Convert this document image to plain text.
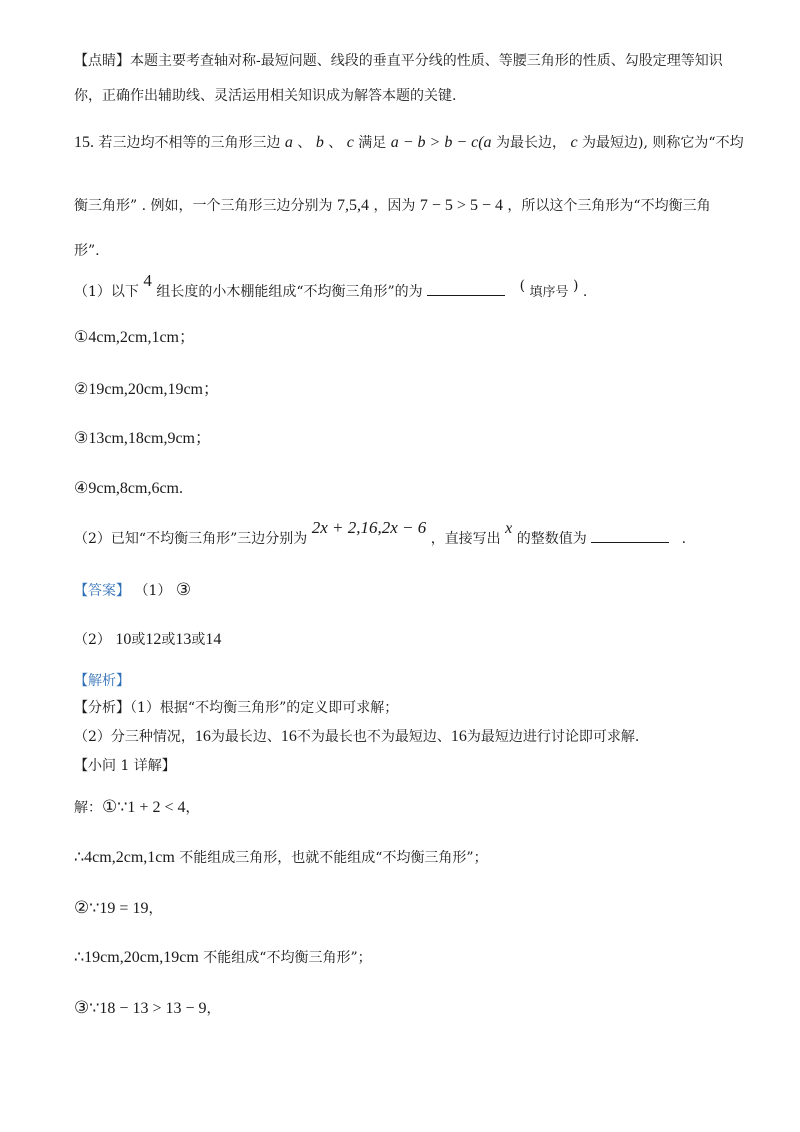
【点睛】本题主要考查轴对称-最短问题、线段的垂直平分线的性质、等腰三角形的性质、勾股定理等知识
你，正确作出辅助线、灵活运用相关知识成为解答本题的关键.
15. 若三边均不相等的三角形三边 a 、 b 、 c 满足 a − b > b − c(a 为最长边， c 为最短边), 则称它为“不均
衡三角形” . 例如，一个三角形三边分别为 7,5,4 ，因为 7 − 5 > 5 − 4 ，所以这个三角形为“不均衡三角
形”.
（1）以下 4 组长度的小木棚能组成“不均衡三角形”的为	( 填序号 ) .
①4cm,2cm,1cm；
②19cm,20cm,19cm；
③13cm,18cm,9cm；
④9cm,8cm,6cm.
（2）已知“不均衡三角形”三边分别为 2x + 2,16,2x − 6 ，直接写出 x 的整数值为	.
【答案】 （1） ③
（2） 10或12或13或14
【解析】
【分析】（1）根据“不均衡三角形”的定义即可求解；
（2）分三种情况，16为最长边、16不为最长也不为最短边、16为最短边进行讨论即可求解.
【小问 1 详解】
解：①∵1 + 2 < 4，
∴4cm,2cm,1cm 不能组成三角形，也就不能组成“不均衡三角形”；
②∵19 = 19，
∴19cm,20cm,19cm 不能组成“不均衡三角形”；
③∵18 − 13 > 13 − 9，
